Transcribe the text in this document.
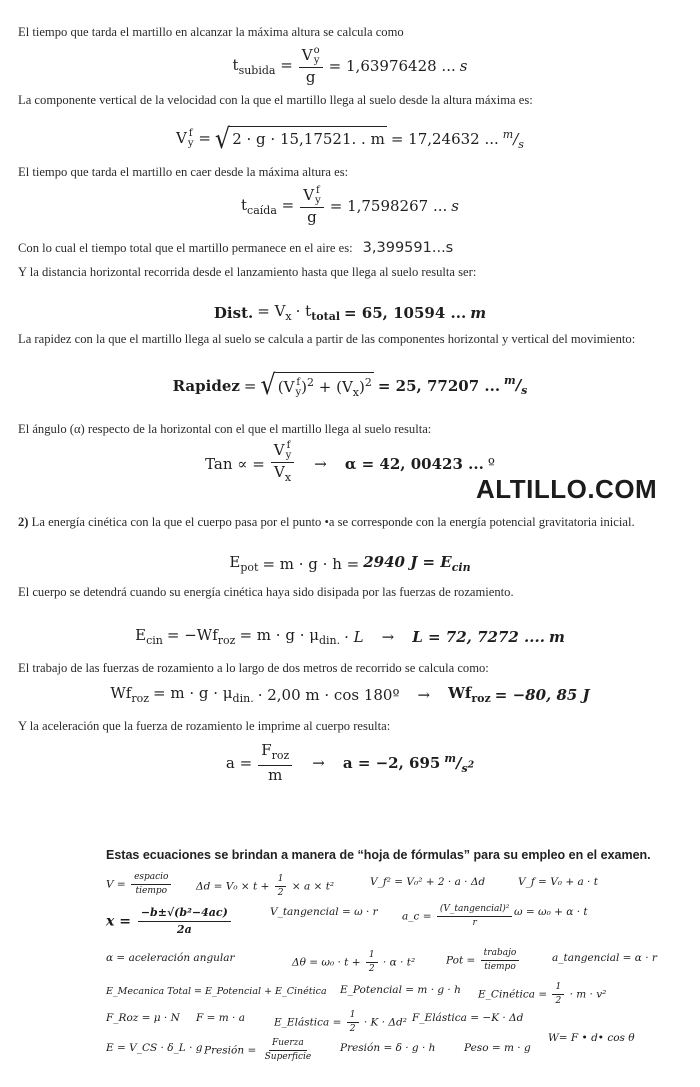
El tiempo que tarda el martillo en alcanzar la máxima altura se calcula como
$t_{subida} = V$ o
y
g = 1,63976428 ... s
La componente vertical de la velocidad con la que el martillo llega al suelo desde la altura máxima es:
V f
y = √ 2 · g · 15,17521. . m = 17,24632 ... $^m/_s$
El tiempo que tarda el martillo en caer desde la máxima altura es:
$t_{caída} = V$ f
y
g = 1,7598267 ... s
Con lo cual el tiempo total que el martillo permanece en el aire es: 3,399591...s
Y la distancia horizontal recorrida desde el lanzamiento hasta que llega al suelo resulta ser:
Dist. = $V_x \cdot t_{total} = 65$, 10594 ... m
La rapidez con la que el martillo llega al suelo se calcula a partir de las componentes horizontal y vertical del movimiento:
Rapidez = √ (V f
y )$^2 + (V_x)^2 = 25$, 77207 ... $^m/_s$
El ángulo (α) respecto de la horizontal con el que el martillo llega al suelo resulta:
Tan ∝ = V f
y
$V_x \to \alpha = 42$, 00423 ... º
ALTILLO.COM
2) La energía cinética con la que el cuerpo pasa por el punto •a se corresponde con la energía potencial gravitatoria inicial.
$E_{pot} = m \cdot g \cdot h = 2940$ $J = E_{cin}$
El cuerpo se detendrá cuando su energía cinética haya sido disipada por las fuerzas de rozamiento.
$E_{cin} = -Wf_{roz} = m \cdot g \cdot \mu_{din.} \cdot L \to L = 72$, 7272 .... m
El trabajo de las fuerzas de rozamiento a lo largo de dos metros de recorrido se calcula como:
$Wf_{roz} = m \cdot g \cdot \mu_{din.} \cdot 2,00$ m · cos 180º → $Wf_{roz} = -80$, 85 J
Y la aceleración que la fuerza de rozamiento le imprime al cuerpo resulta:
$a = \frac{F_{roz}}{m} \to a = -2$, 695 $^m/_{s^2}$
Estas ecuaciones se brindan a manera de “hoja de fórmulas” para su empleo en el examen.
$V = \frac{\text{espacio}}{\text{tiempo}}$ $\Delta d = V_0 \times t + \frac{1}{2} \times a \times t^2$	V_f² = V₀² + 2 · a · Δd	V_f = V₀ + a · t
$x = \frac{\text{−b±√(b²−4ac)}}{2a}$	V_tangencial = ω · r a_c = $\frac{\text{(V\_tangencial)²}}{r}$ ω = ω₀ + α · t
α = aceleración angular	$\Delta\theta = \omega_0 \cdot t + \frac{1}{2} \cdot \alpha \cdot t^2$	Pot = $\frac{\text{trabajo}}{\text{tiempo}}$	a_tangencial = α · r
E_Mecanica Total = E_Potencial + E_Cinética E_Potencial = m · g · h E_Cinética = $\frac{1}{2} \cdot m \cdot v^2$
F_Roz = μ · N F = m · a	E_Elástica = $\frac{1}{2} \cdot K \cdot \Delta d^2$ F_Elástica = −K · Δd
W= F • d• cos θ
E = V_CS · δ_L · g Presión = $\frac{\text{Fuerza}}{\text{Superficie}}$ Presión = δ · g · h	Peso = m · g
